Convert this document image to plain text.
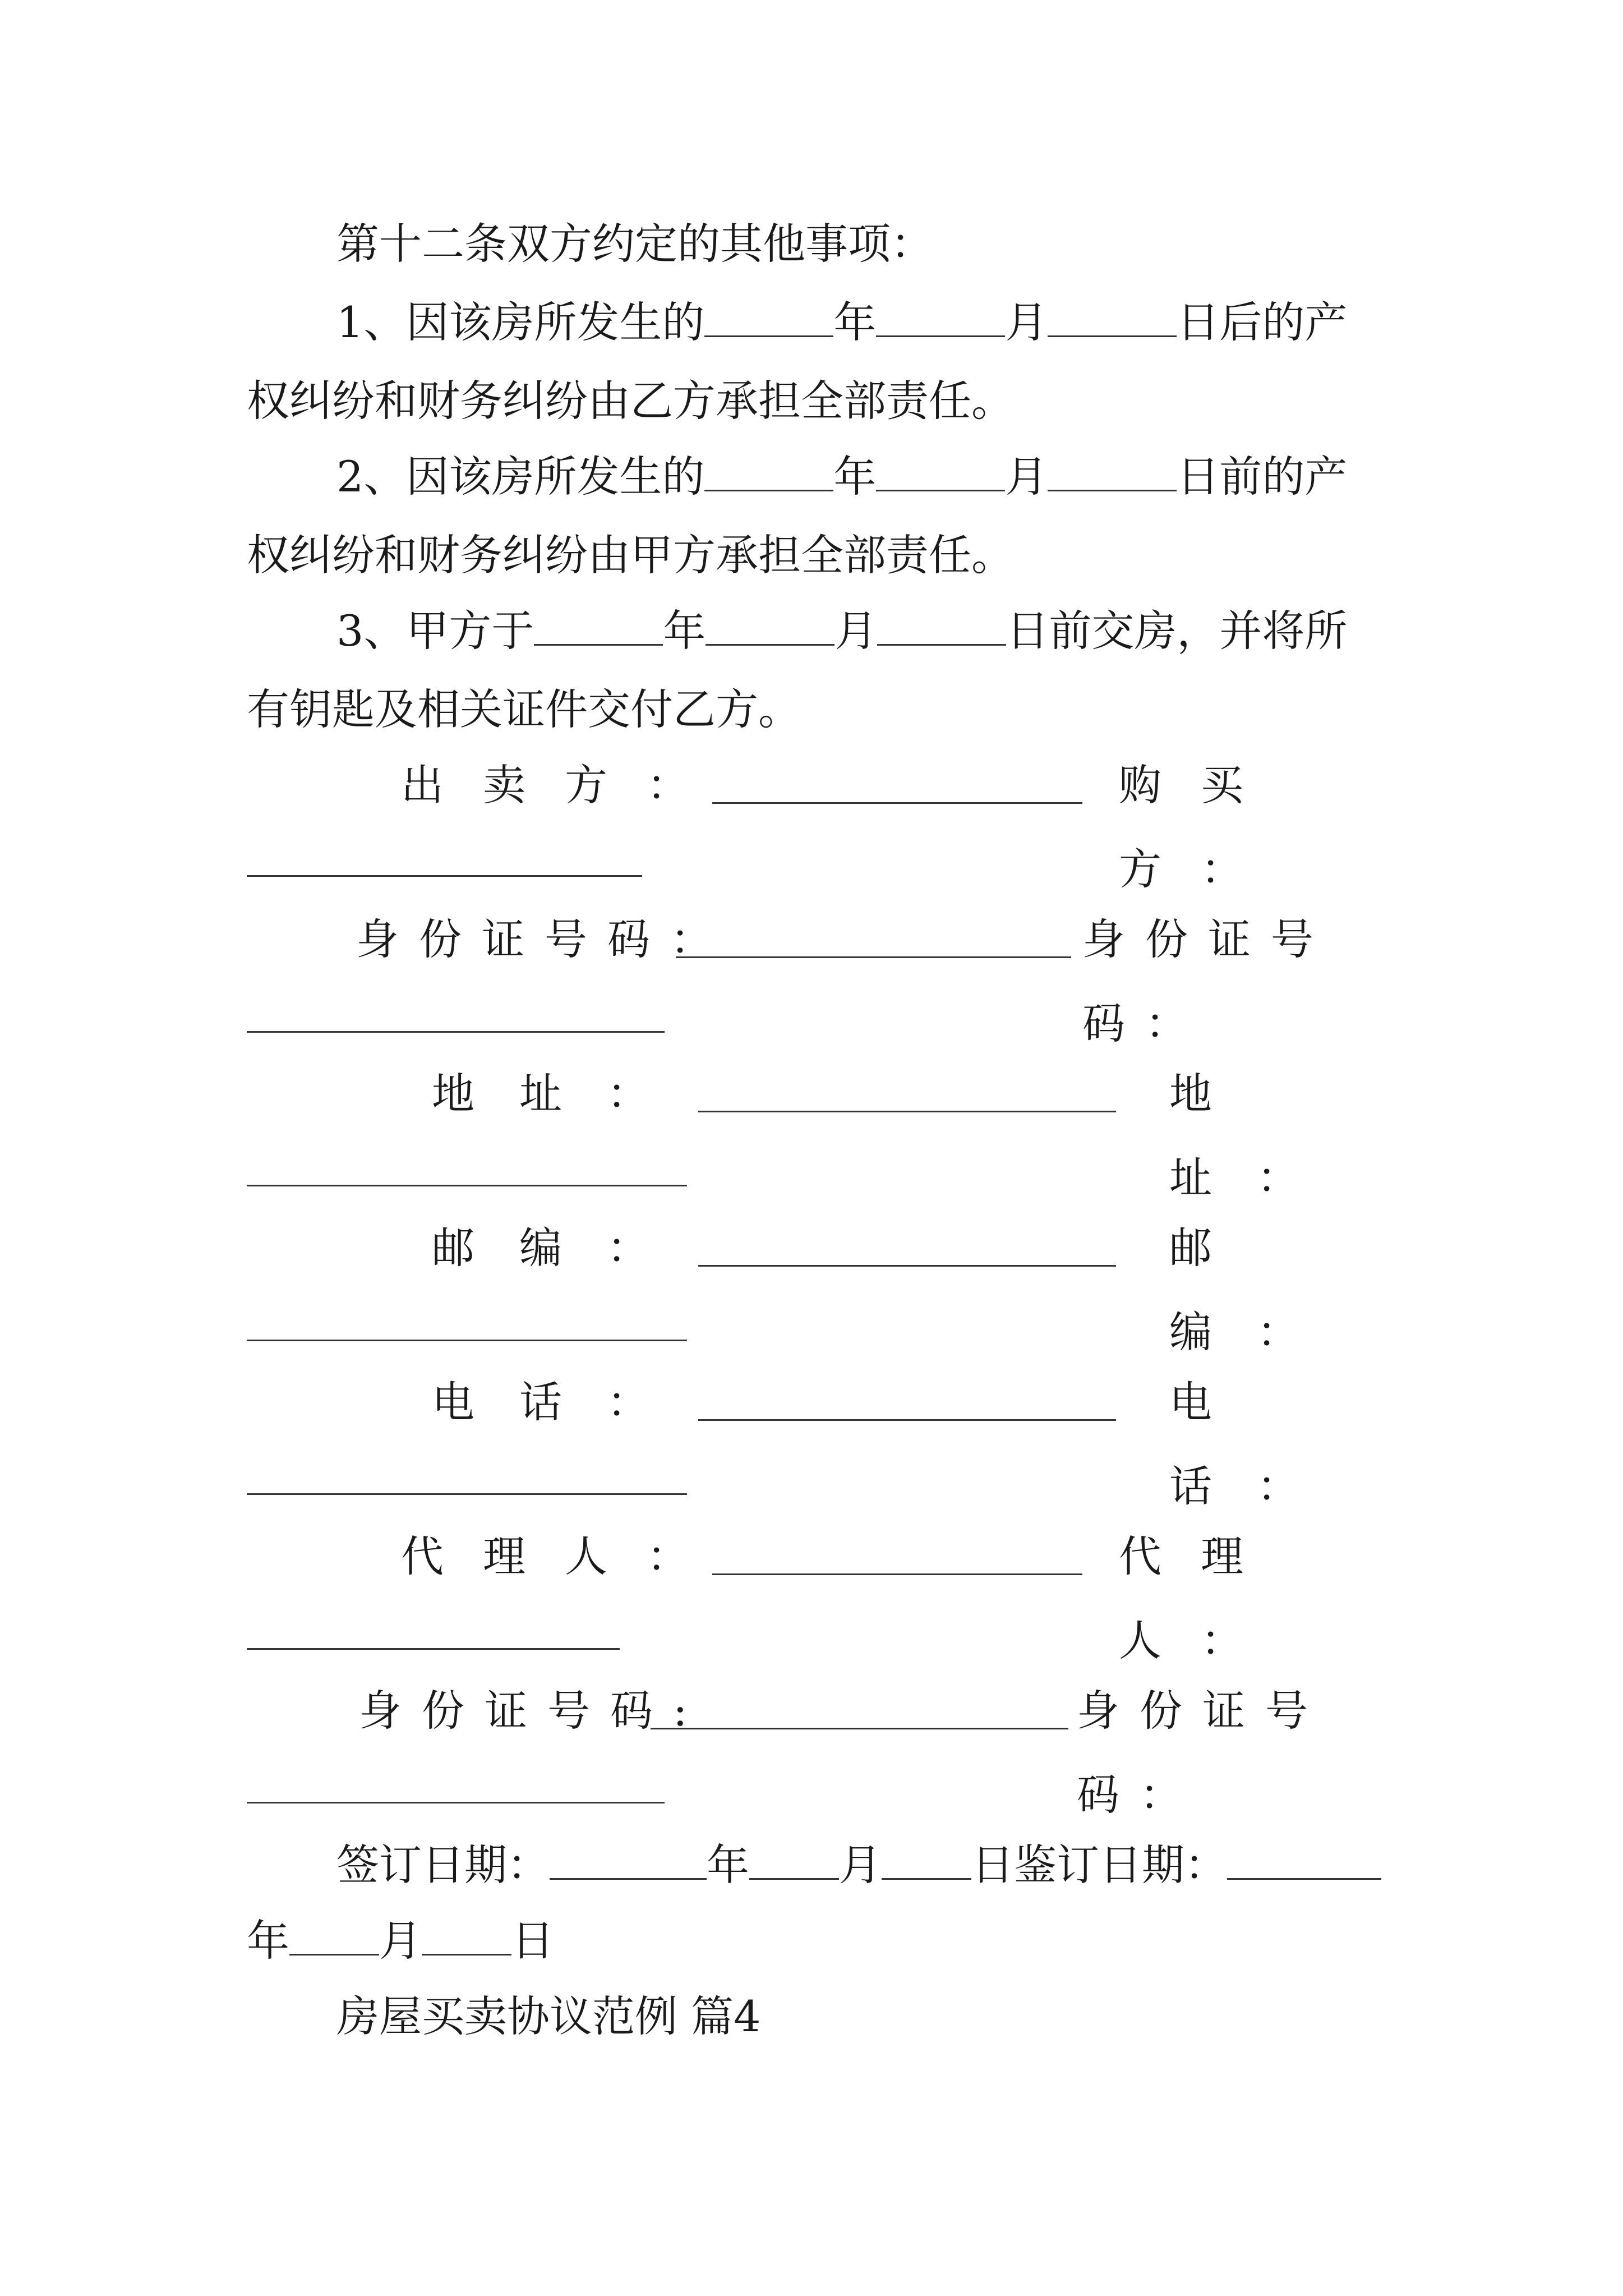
第十二条双方约定的其他事项：
1、因该房所发生的	年	月	日后的产
权纠纷和财务纠纷由乙方承担全部责任。
2、因该房所发生的	年	月	日前的产
权纠纷和财务纠纷由甲方承担全部责任。
3、甲方于	年	月	日前交房，并将所
有钥匙及相关证件交付乙方。
出卖方：	购买方：
身份证号码：	身份证号码：
地址：	地址：
邮编：	邮编：
电话：	电话：
代理人：	代理人：
身份证号码:	身份证号码：
签订日期：	年 月 日鉴订日期：
年 月 日
房屋买卖协议范例 篇4
